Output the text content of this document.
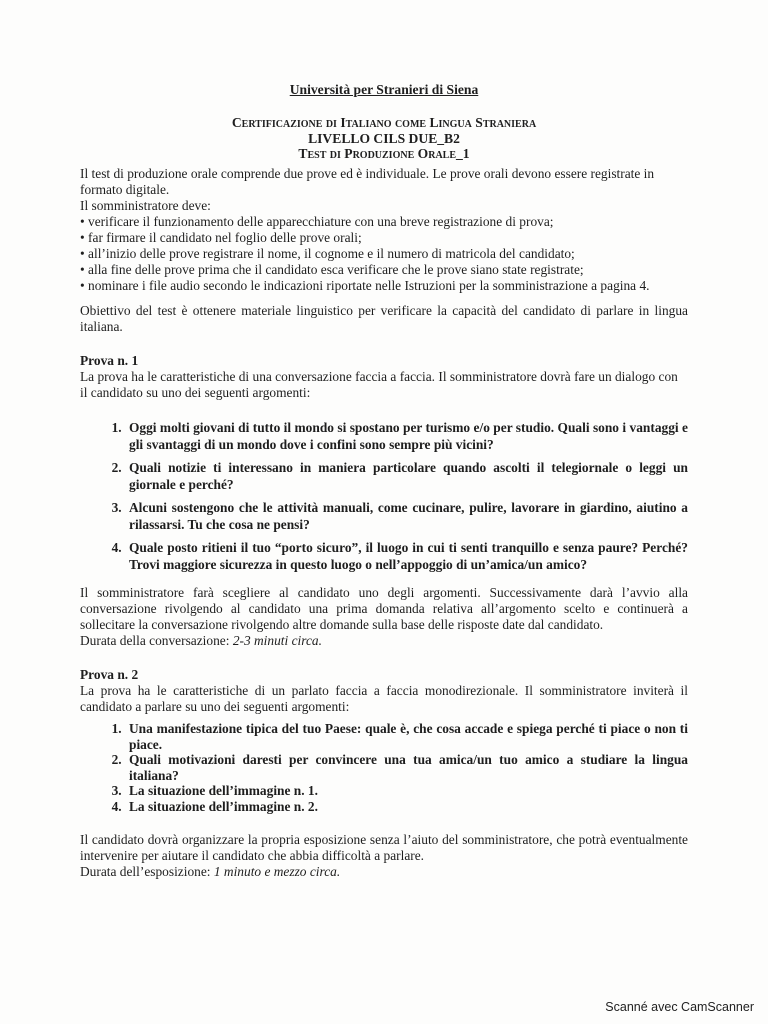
Università per Stranieri di Siena
Certificazione di Italiano come Lingua Straniera
LIVELLO CILS DUE_B2
Test di Produzione Orale_1

Il test di produzione orale comprende due prove ed è individuale. Le prove orali devono essere registrate in formato digitale.

Il somministratore deve:

• verificare il funzionamento delle apparecchiature con una breve registrazione di prova;
• far firmare il candidato nel foglio delle prove orali;
• all’inizio delle prove registrare il nome, il cognome e il numero di matricola del candidato;
• alla fine delle prove prima che il candidato esca verificare che le prove siano state registrate;
• nominare i file audio secondo le indicazioni riportate nelle Istruzioni per la somministrazione a pagina 4.

Obiettivo del test è ottenere materiale linguistico per verificare la capacità del candidato di parlare in lingua italiana.

Prova n. 1

La prova ha le caratteristiche di una conversazione faccia a faccia. Il somministratore dovrà fare un dialogo con il candidato su uno dei seguenti argomenti:

1. Oggi molti giovani di tutto il mondo si spostano per turismo e/o per studio. Quali sono i vantaggi e gli svantaggi di un mondo dove i confini sono sempre più vicini?
2. Quali notizie ti interessano in maniera particolare quando ascolti il telegiornale o leggi un giornale e perché?
3. Alcuni sostengono che le attività manuali, come cucinare, pulire, lavorare in giardino, aiutino a rilassarsi. Tu che cosa ne pensi?
4. Quale posto ritieni il tuo “porto sicuro”, il luogo in cui ti senti tranquillo e senza paure? Perché? Trovi maggiore sicurezza in questo luogo o nell’appoggio di un’amica/un amico?

Il somministratore farà scegliere al candidato uno degli argomenti. Successivamente darà l’avvio alla conversazione rivolgendo al candidato una prima domanda relativa all’argomento scelto e continuerà a sollecitare la conversazione rivolgendo altre domande sulla base delle risposte date dal candidato.

Durata della conversazione: 2-3 minuti circa.

Prova n. 2

La prova ha le caratteristiche di un parlato faccia a faccia monodirezionale. Il somministratore inviterà il candidato a parlare su uno dei seguenti argomenti:

1. Una manifestazione tipica del tuo Paese: quale è, che cosa accade e spiega perché ti piace o non ti piace.
2. Quali motivazioni daresti per convincere una tua amica/un tuo amico a studiare la lingua italiana?
3. La situazione dell’immagine n. 1.
4. La situazione dell’immagine n. 2.

Il candidato dovrà organizzare la propria esposizione senza l’aiuto del somministratore, che potrà eventualmente intervenire per aiutare il candidato che abbia difficoltà a parlare.

Durata dell’esposizione: 1 minuto e mezzo circa.

Scanné avec CamScanner
